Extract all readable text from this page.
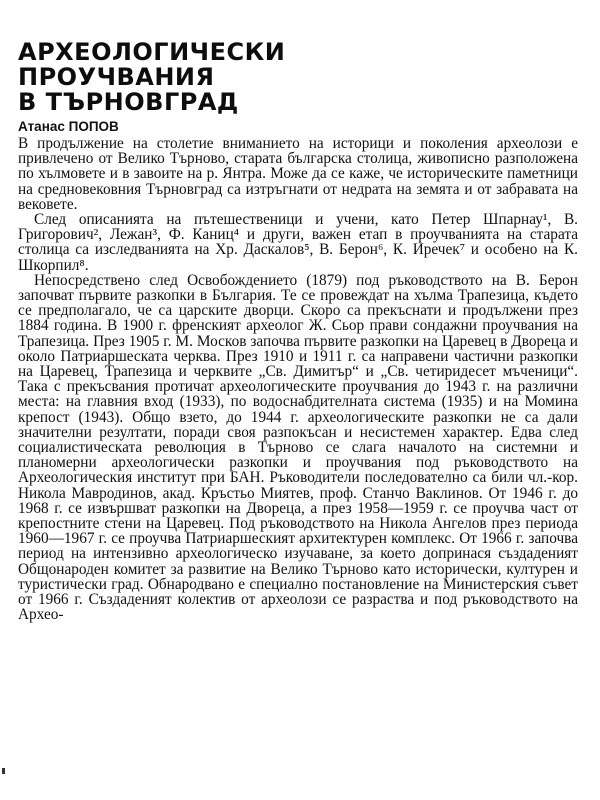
АРХЕОЛОГИЧЕСКИ
ПРОУЧВАНИЯ
В ТЪРНОВГРАД
Атанас ПОПОВ

В продължение на столетие вниманието на историци и поколения археолози е привлечено от Велико Търново, старата българска столица, живописно разположена по хълмовете и в завоите на р. Янтра. Може да се каже, че историческите паметници на средновековния Търновград са изтръгнати от недрата на земята и от забравата на вековете.

След описанията на пътешественици и учени, като Петер Шпарнау¹, В. Григорович², Лежан³, Ф. Каниц⁴ и други, важен етап в проучванията на старата столица са изследванията на Хр. Даскалов⁵, В. Берон⁶, К. Иречек⁷ и особено на К. Шкорпил⁸.

Непосредствено след Освобождението (1879) под ръководството на В. Берон започват първите разкопки в България. Те се провеждат на хълма Трапезица, където се предполагало, че са царските дворци. Скоро са прекъснати и продължени през 1884 година. В 1900 г. френският археолог Ж. Сьор прави сондажни проучвания на Трапезица. През 1905 г. М. Москов започва първите разкопки на Царевец в Двореца и около Патриаршеската черква. През 1910 и 1911 г. са направени частични разкопки на Царевец, Трапезица и черквите „Св. Димитър“ и „Св. четиридесет мъченици“. Така с прекъсвания протичат археологическите проучвания до 1943 г. на различни места: на главния вход (1933), по водоснабдителната система (1935) и на Момина крепост (1943). Общо взето, до 1944 г. археологическите разкопки не са дали значителни резултати, поради своя разпокъсан и несистемен характер. Едва след социалистическата революция в Търново се слага началото на системни и планомерни археологически разкопки и проучвания под ръководството на Археологическия институт при БАН. Ръководители последователно са били чл.-кор. Никола Мавродинов, акад. Кръстьо Миятев, проф. Станчо Ваклинов. От 1946 г. до 1968 г. се извършват разкопки на Двореца, а през 1958—1959 г. се проучва част от крепостните стени на Царевец. Под ръководството на Никола Ангелов през периода 1960—1967 г. се проучва Патриаршеският архитектурен комплекс. От 1966 г. започва период на интензивно археологическо изучаване, за което допринася създаденият Общонароден комитет за развитие на Велико Търново като исторически, културен и туристически град. Обнародвано е специално постановление на Министерския съвет от 1966 г. Създаденият колектив от археолози се разраства и под ръководството на Архео-
